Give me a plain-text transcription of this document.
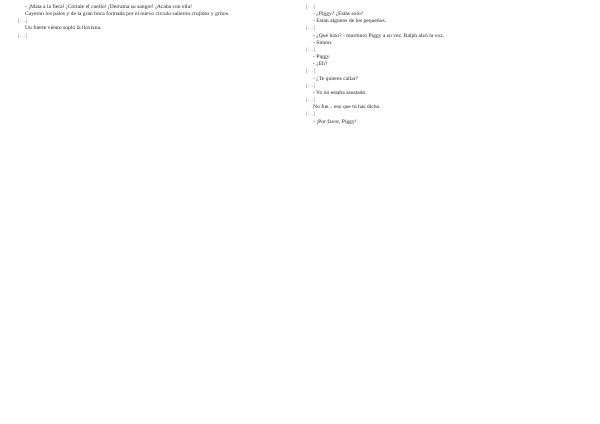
- ¡Mata a la fiera! ¡Córtale el cuello! ¡Derrama su sangre! ¡Acaba con ella!

Cayeron los palos y de la gran boca formada por el nuevo círculo salieron crujidos y gritos.

[…]

Un fuerte viento sopló la llovizna.

[…]

[…]

- ¿Piggy? ¿Estás solo?

- Están algunos de los pequeños.

[…]

- ¿Qué hizo? - murmuró Piggy a su vez. Ralph alzó la voz.

- Simon.

[…]

- Piggy.

- ¿Eh?

[…]

- ¿Te quieres callar?

[…]

- Yo no estaba asustado.

[…]

No fue... eso que tú has dicho.

[…]

- ¡Por favor, Piggy!
